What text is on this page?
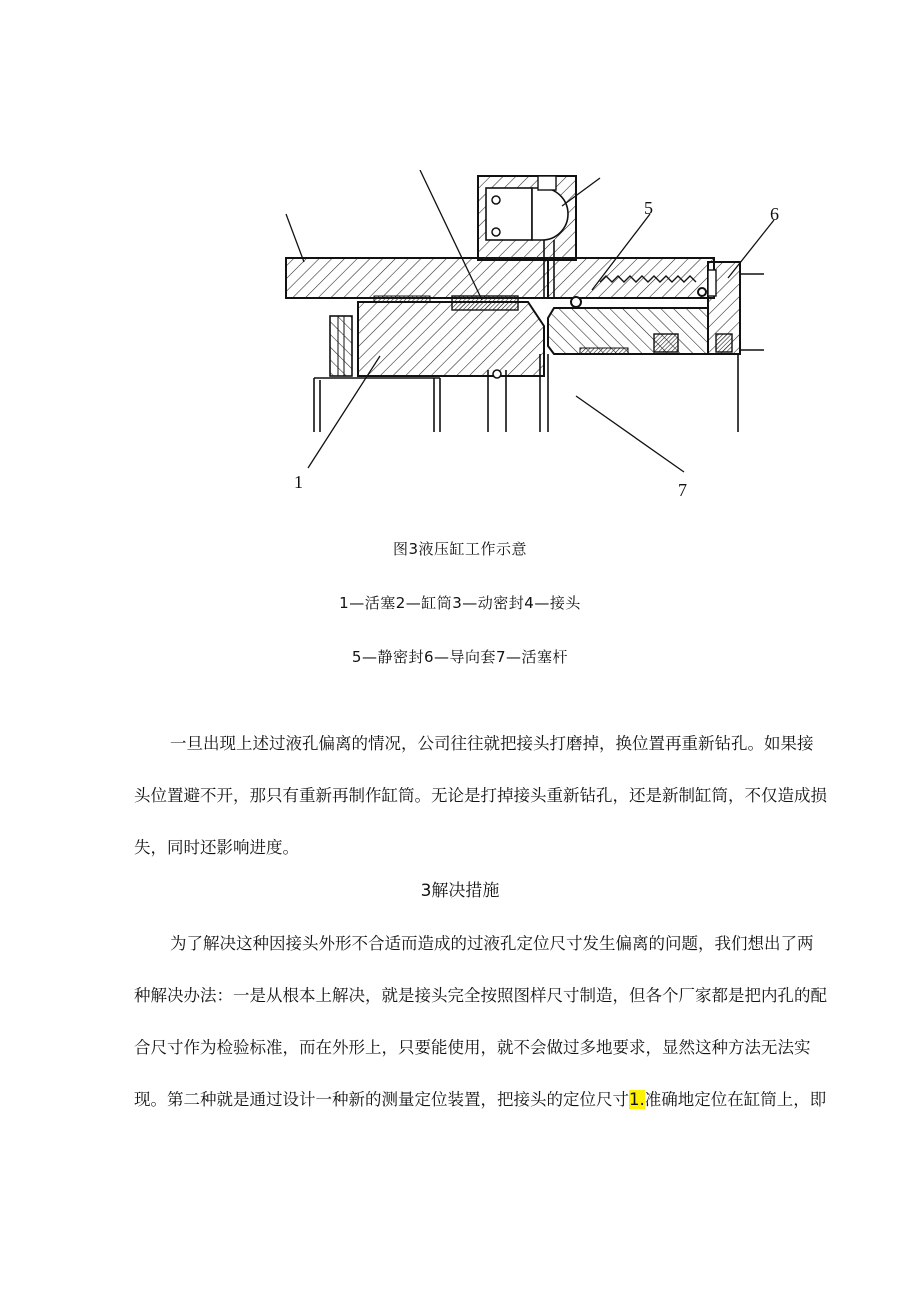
1
5	6
7
图3液压缸工作示意
1—活塞2—缸筒3—动密封4—接头
5—静密封6—导向套7—活塞杆
一旦出现上述过液孔偏离的情况，公司往往就把接头打磨掉，换位置再重新钻孔。如果接
头位置避不开，那只有重新再制作缸筒。无论是打掉接头重新钻孔，还是新制缸筒，不仅造成损
失，同时还影响进度。
3解决措施
为了解决这种因接头外形不合适而造成的过液孔定位尺寸发生偏离的问题，我们想出了两
种解决办法：一是从根本上解决，就是接头完全按照图样尺寸制造，但各个厂家都是把内孔的配
合尺寸作为检验标准，而在外形上，只要能使用，就不会做过多地要求，显然这种方法无法实
现。第二种就是通过设计一种新的测量定位装置，把接头的定位尺寸1.准确地定位在缸筒上，即
